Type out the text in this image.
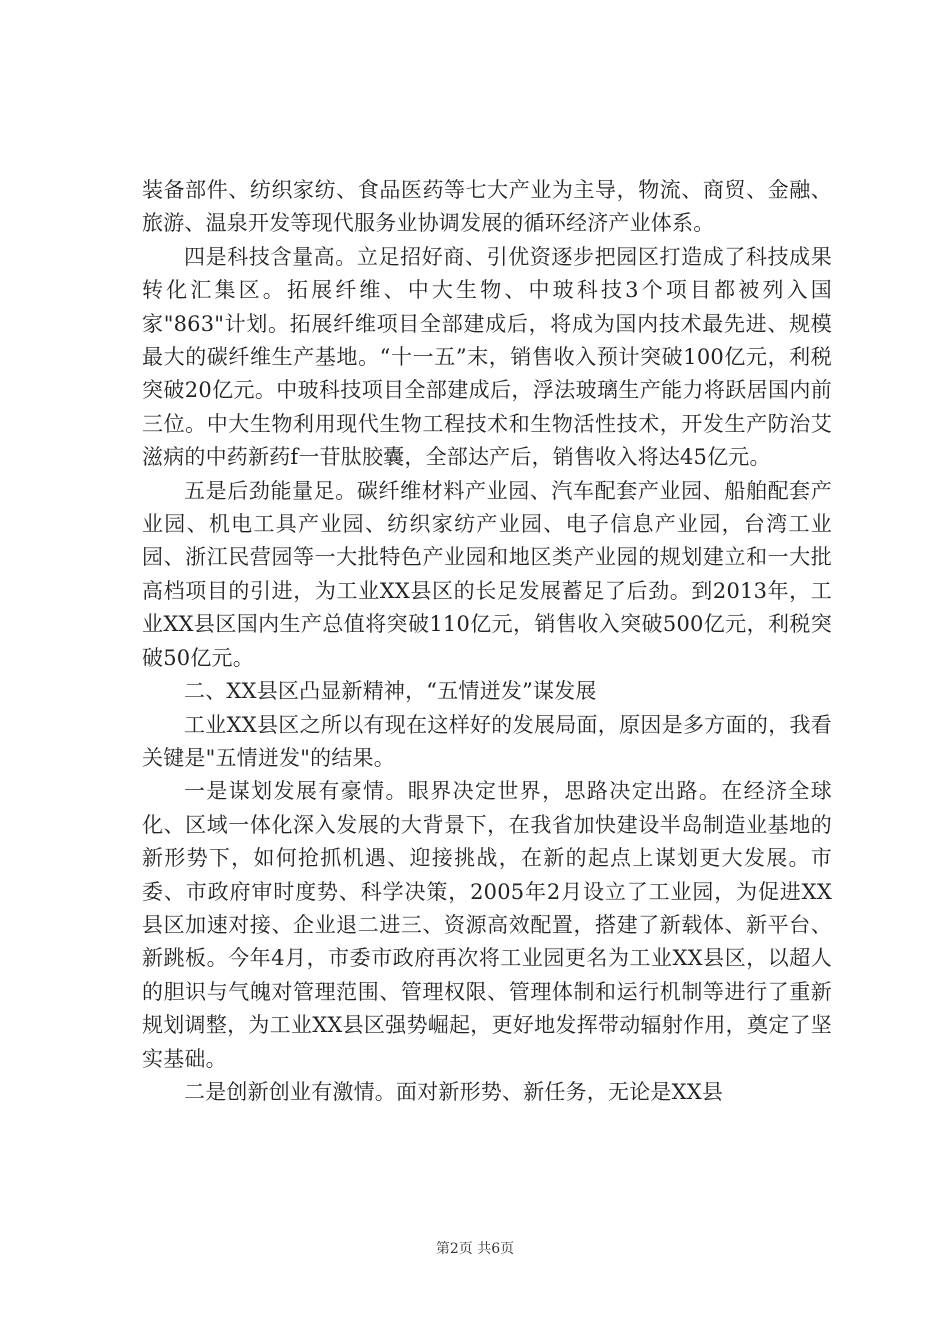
装备部件、纺织家纺、食品医药等七大产业为主导，物流、商贸、金融、旅游、温泉开发等现代服务业协调发展的循环经济产业体系。

四是科技含量高。立足招好商、引优资逐步把园区打造成了科技成果转化汇集区。拓展纤维、中大生物、中玻科技3个项目都被列入国家"863"计划。拓展纤维项目全部建成后，将成为国内技术最先进、规模最大的碳纤维生产基地。“十一五”末，销售收入预计突破100亿元，利税突破20亿元。中玻科技项目全部建成后，浮法玻璃生产能力将跃居国内前三位。中大生物利用现代生物工程技术和生物活性技术，开发生产防治艾滋病的中药新药f一苷肽胶囊，全部达产后，销售收入将达45亿元。

五是后劲能量足。碳纤维材料产业园、汽车配套产业园、船舶配套产业园、机电工具产业园、纺织家纺产业园、电子信息产业园，台湾工业园、浙江民营园等一大批特色产业园和地区类产业园的规划建立和一大批高档项目的引进，为工业XX县区的长足发展蓄足了后劲。到2013年，工业XX县区国内生产总值将突破110亿元，销售收入突破500亿元，利税突破50亿元。

二、XX县区凸显新精神，“五情迸发”谋发展

工业XX县区之所以有现在这样好的发展局面，原因是多方面的，我看关键是"五情迸发"的结果。

一是谋划发展有豪情。眼界决定世界，思路决定出路。在经济全球化、区域一体化深入发展的大背景下，在我省加快建设半岛制造业基地的新形势下，如何抢抓机遇、迎接挑战，在新的起点上谋划更大发展。市委、市政府审时度势、科学决策，2005年2月设立了工业园，为促进XX县区加速对接、企业退二进三、资源高效配置，搭建了新载体、新平台、新跳板。今年4月，市委市政府再次将工业园更名为工业XX县区，以超人的胆识与气魄对管理范围、管理权限、管理体制和运行机制等进行了重新规划调整，为工业XX县区强势崛起，更好地发挥带动辐射作用，奠定了坚实基础。

二是创新创业有激情。面对新形势、新任务，无论是XX县

第2页 共6页
